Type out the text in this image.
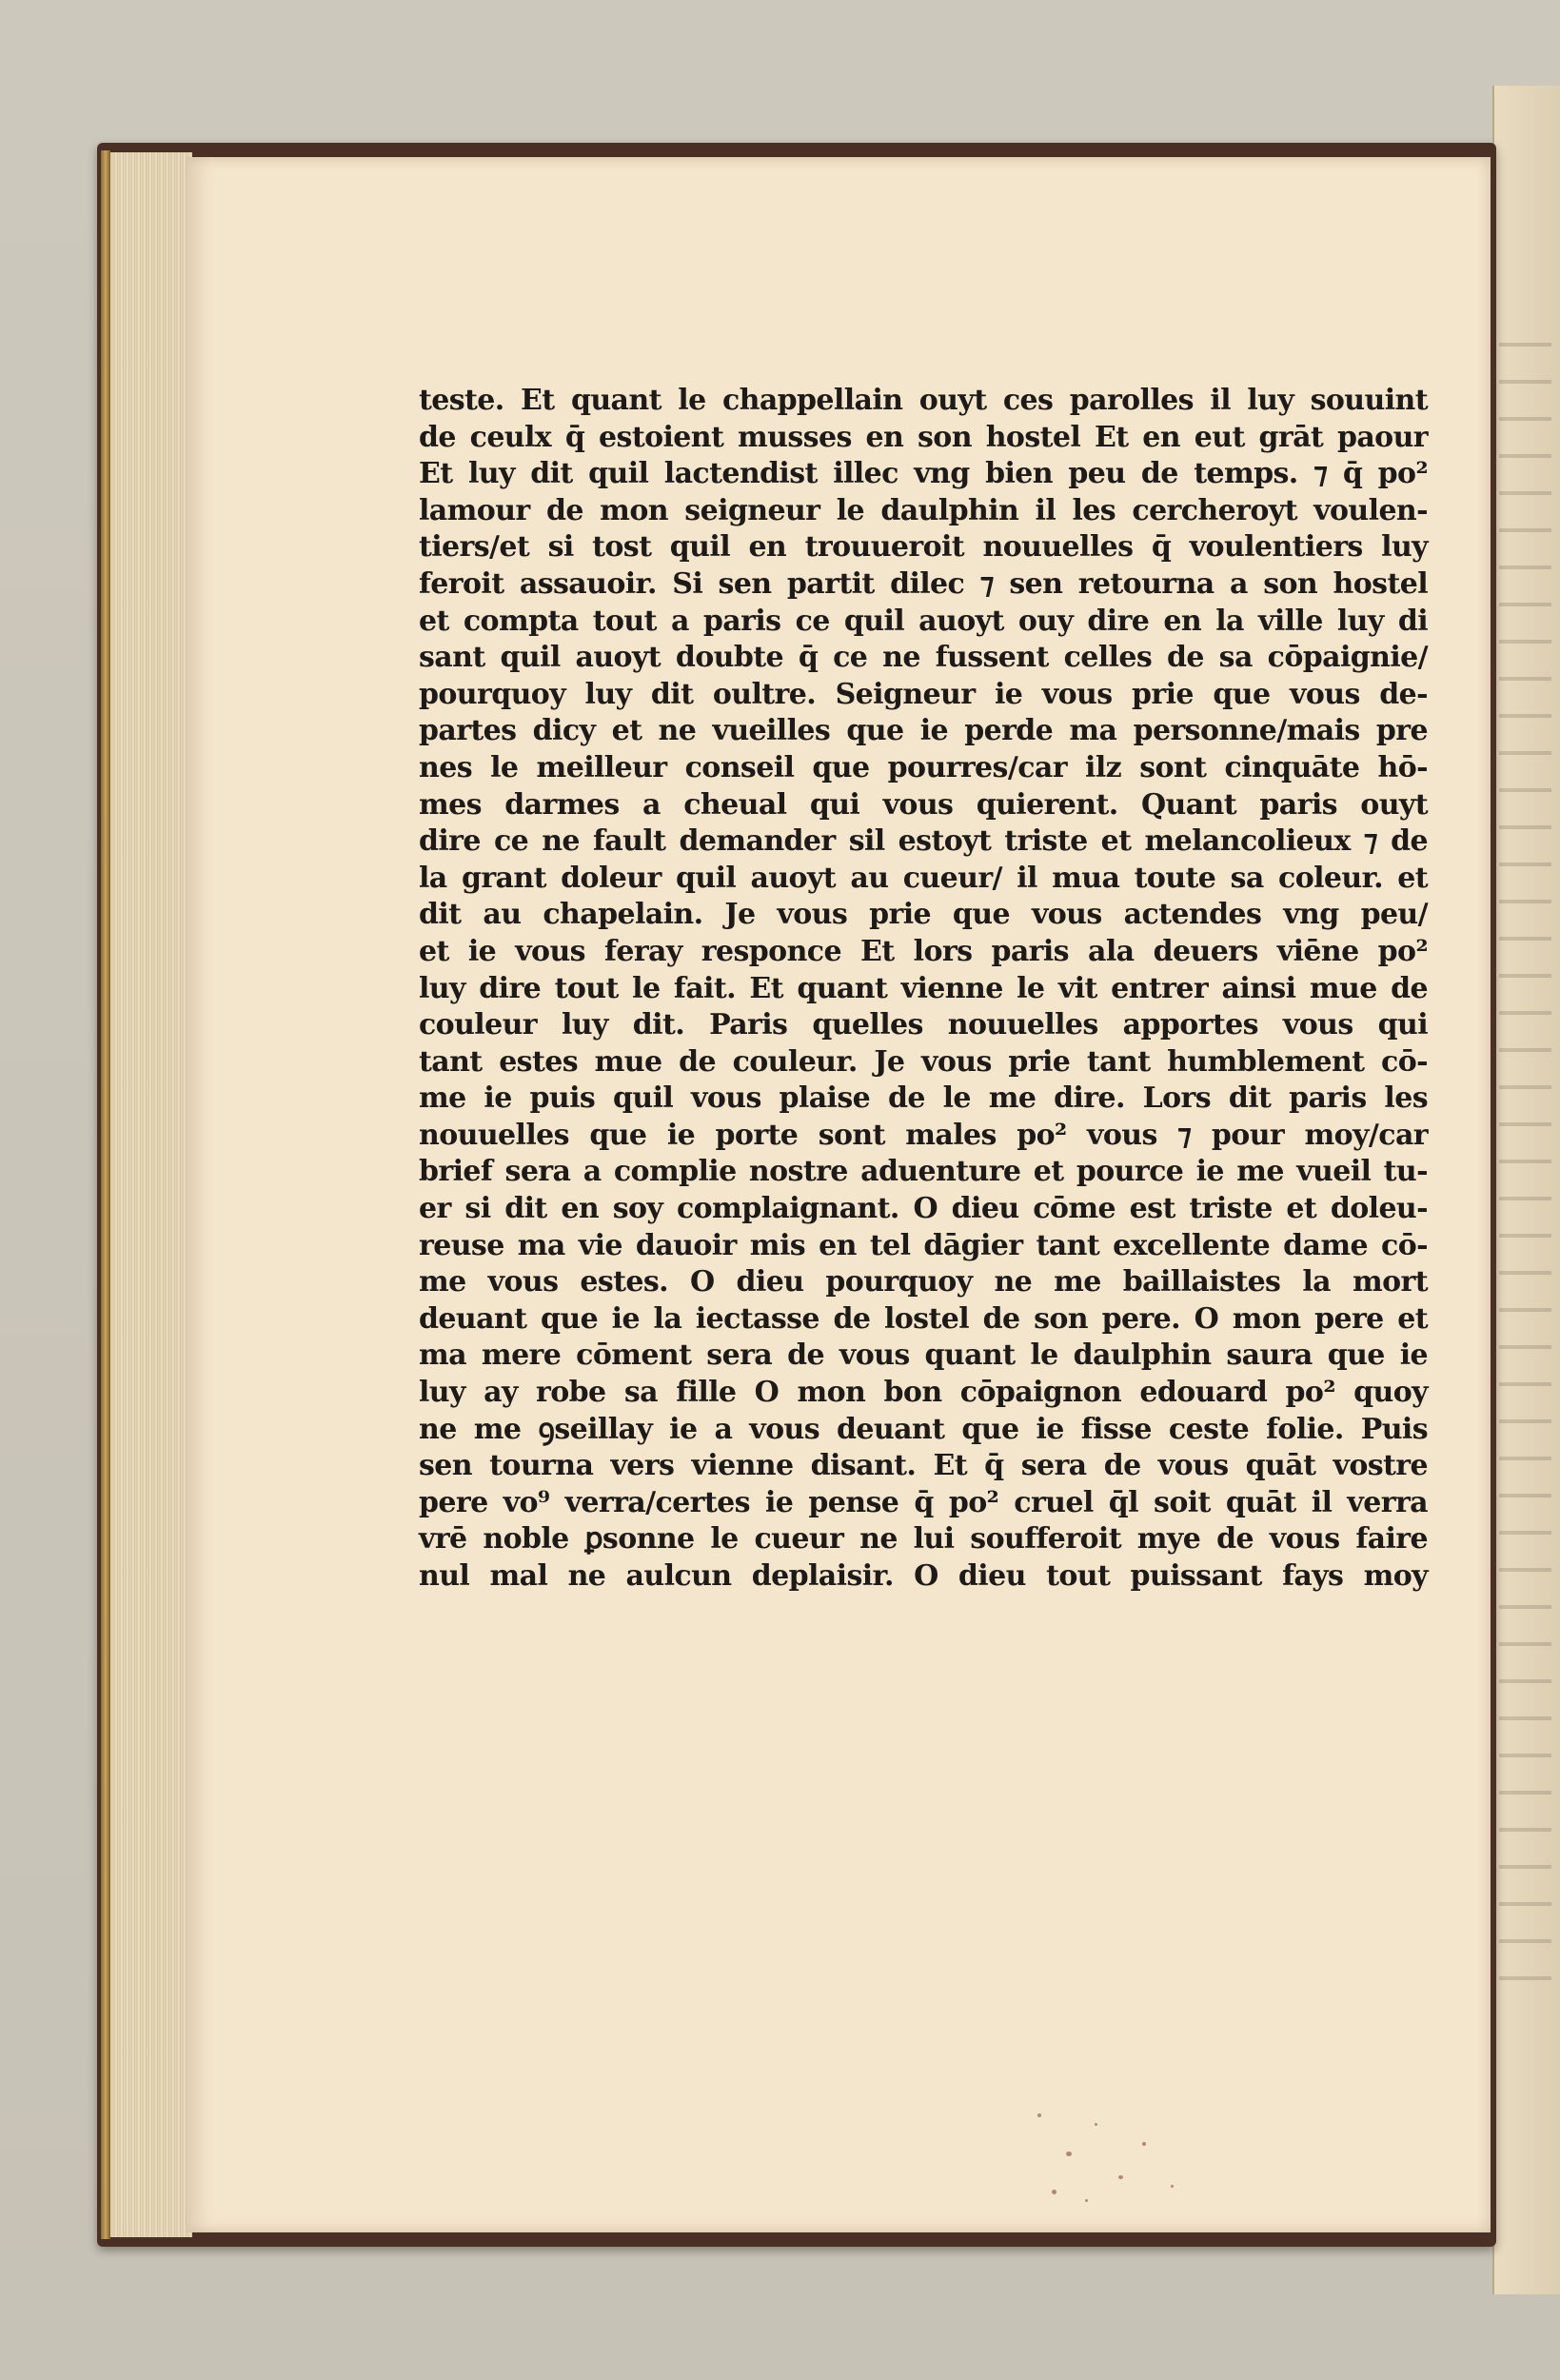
teste. Et quant le chappellain ouyt ces parolles il luy souuint
de ceulx q̄ estoient musses en son hostel Et en eut grāt paour
Et luy dit quil lactendist illec vng bien peu de temps. ⁊ q̄ po²
lamour de mon seigneur le daulphin il les cercheroyt voulen-
tiers/et si tost quil en trouueroit nouuelles q̄ voulentiers luy
feroit assauoir. Si sen partit dilec ⁊ sen retourna a son hostel
et compta tout a paris ce quil auoyt ouy dire en la ville luy di
sant quil auoyt doubte q̄ ce ne fussent celles de sa cōpaignie/
pourquoy luy dit oultre. Seigneur ie vous prie que vous de-
partes dicy et ne vueilles que ie perde ma personne/mais pre
nes le meilleur conseil que pourres/car ilz sont cinquāte hō-
mes darmes a cheual qui vous quierent. Quant paris ouyt
dire ce ne fault demander sil estoyt triste et melancolieux ⁊ de
la grant doleur quil auoyt au cueur/ il mua toute sa coleur. et
dit au chapelain. Je vous prie que vous actendes vng peu/
et ie vous feray responce Et lors paris ala deuers viēne po²
luy dire tout le fait. Et quant vienne le vit entrer ainsi mue de
couleur luy dit. Paris quelles nouuelles apportes vous qui
tant estes mue de couleur. Je vous prie tant humblement cō-
me ie puis quil vous plaise de le me dire. Lors dit paris les
nouuelles que ie porte sont males po² vous ⁊ pour moy/car
brief sera a complie nostre aduenture et pource ie me vueil tu-
er si dit en soy complaignant. O dieu cōme est triste et doleu-
reuse ma vie dauoir mis en tel dāgier tant excellente dame cō-
me vous estes. O dieu pourquoy ne me baillaistes la mort
deuant que ie la iectasse de lostel de son pere. O mon pere et
ma mere cōment sera de vous quant le daulphin saura que ie
luy ay robe sa fille O mon bon cōpaignon edouard po² quoy
ne me ꝯseillay ie a vous deuant que ie fisse ceste folie. Puis
sen tourna vers vienne disant. Et q̄ sera de vous quāt vostre
pere vo⁹ verra/certes ie pense q̄ po² cruel q̄l soit quāt il verra
vrē noble ꝑsonne le cueur ne lui soufferoit mye de vous faire
nul mal ne aulcun deplaisir. O dieu tout puissant fays moy
